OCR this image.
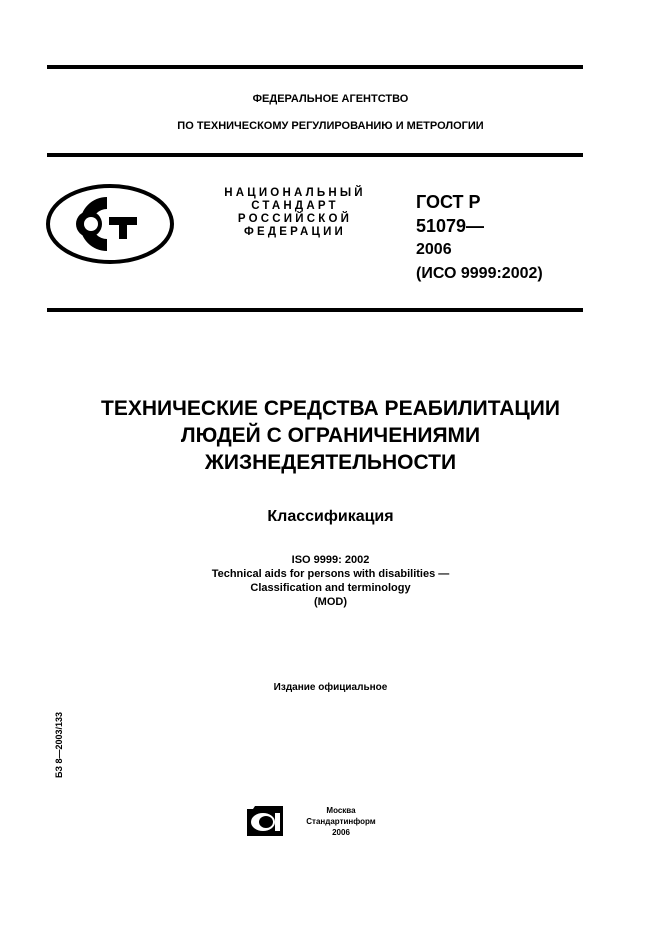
ФЕДЕРАЛЬНОЕ АГЕНТСТВО
ПО ТЕХНИЧЕСКОМУ РЕГУЛИРОВАНИЮ И МЕТРОЛОГИИ
НАЦИОНАЛЬНЫЙ
СТАНДАРТ
РОССИЙСКОЙ
ФЕДЕРАЦИИ
ГОСТ Р
51079—
2006
(ИСО 9999:2002)
ТЕХНИЧЕСКИЕ СРЕДСТВА РЕАБИЛИТАЦИИ
ЛЮДЕЙ С ОГРАНИЧЕНИЯМИ
ЖИЗНЕДЕЯТЕЛЬНОСТИ
Классификация
ISO 9999: 2002
Technical aids for persons with disabilities —
Classification and terminology
(MOD)
Издание официальное
БЗ 8—2003/133
Москва
Стандартинформ
2006
